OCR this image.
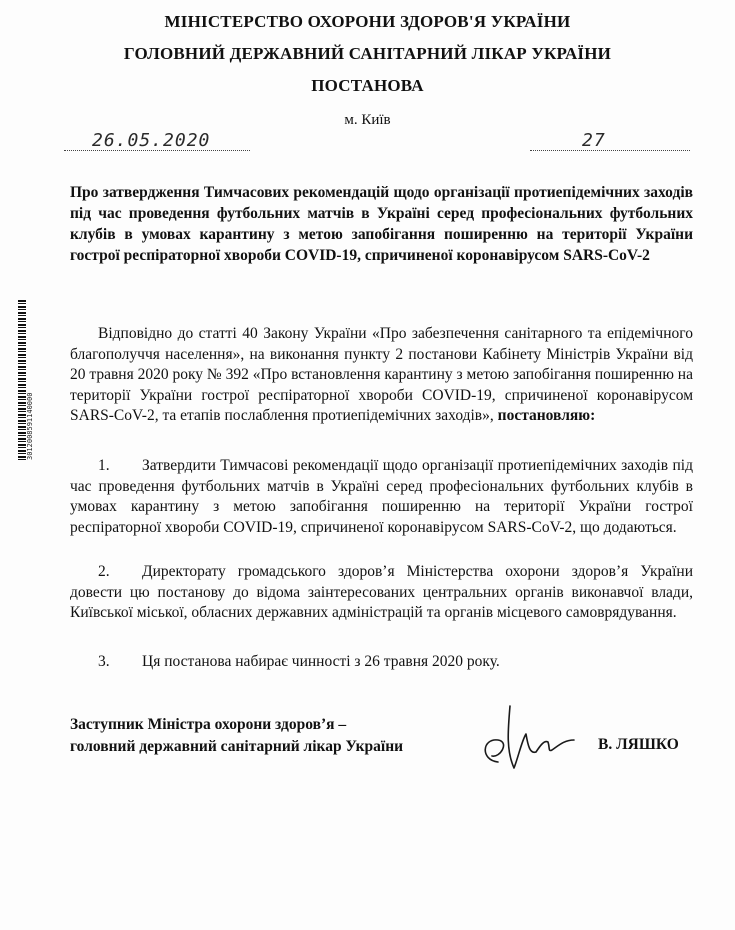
3012008591140000
МІНІСТЕРСТВО ОХОРОНИ ЗДОРОВ'Я УКРАЇНИ
ГОЛОВНИЙ ДЕРЖАВНИЙ САНІТАРНИЙ ЛІКАР УКРАЇНИ
ПОСТАНОВА
м. Київ
26.05.2020	27
Про затвердження Тимчасових рекомендацій щодо організації протиепідемічних заходів під час проведення футбольних матчів в Україні серед професіональних футбольних клубів в умовах карантину з метою запобігання поширенню на території України гострої респіраторної хвороби COVID-19, спричиненої коронавірусом SARS-CoV-2
Відповідно до статті 40 Закону України «Про забезпечення санітарного та епідемічного благополуччя населення», на виконання пункту 2 постанови Кабінету Міністрів України від 20 травня 2020 року № 392 «Про встановлення карантину з метою запобігання поширенню на території України гострої респіраторної хвороби COVID-19, спричиненої коронавірусом SARS-CoV-2, та етапів послаблення протиепідемічних заходів», постановляю:
1. Затвердити Тимчасові рекомендації щодо організації протиепідемічних заходів під час проведення футбольних матчів в Україні серед професіональних футбольних клубів в умовах карантину з метою запобігання поширенню на території України гострої респіраторної хвороби COVID-19, спричиненої коронавірусом SARS-CoV-2, що додаються.
2. Директорату громадського здоров’я Міністерства охорони здоров’я України довести цю постанову до відома заінтересованих центральних органів виконавчої влади, Київської міської, обласних державних адміністрацій та органів місцевого самоврядування.
3. Ця постанова набирає чинності з 26 травня 2020 року.
Заступник Міністра охорони здоров’я –
головний державний санітарний лікар України	В. ЛЯШКО
